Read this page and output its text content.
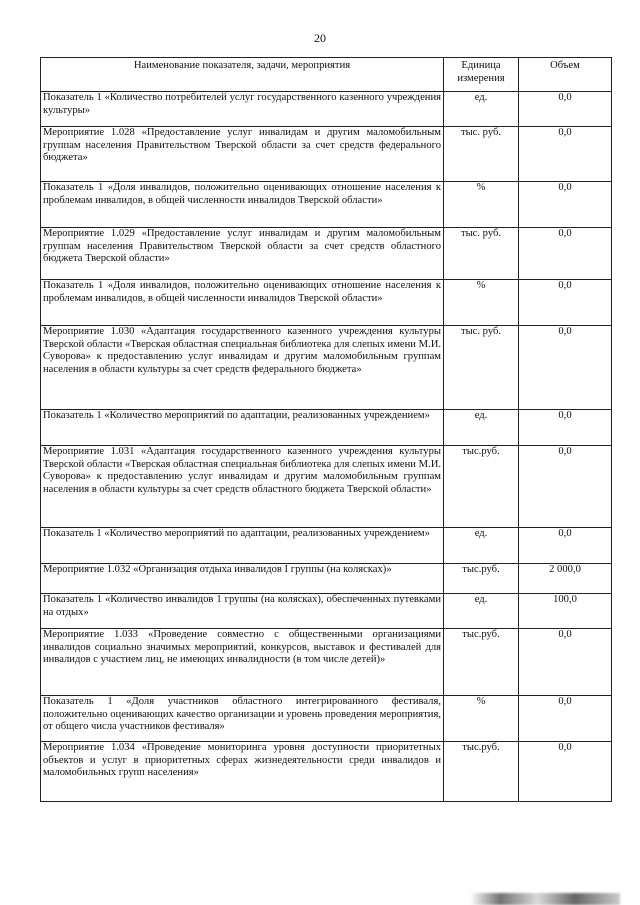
20
Наименование показателя, задачи, мероприятия	Единица измерения	Объем
Показатель 1 «Количество потребителей услуг государственного казенного учреждения культуры»	ед.	0,0
Мероприятие 1.028 «Предоставление услуг инвалидам и другим маломобильным группам населения Правительством Тверской области за счет средств федерального бюджета»	тыс. руб.	0,0
Показатель 1 «Доля инвалидов, положительно оценивающих отношение населения к проблемам инвалидов, в общей численности инвалидов Тверской области»	%	0,0
Мероприятие 1.029 «Предоставление услуг инвалидам и другим маломобильным группам населения Правительством Тверской области за счет средств областного бюджета Тверской области»	тыс. руб.	0,0
Показатель 1 «Доля инвалидов, положительно оценивающих отношение населения к проблемам инвалидов, в общей численности инвалидов Тверской области»	%	0,0
Мероприятие 1.030 «Адаптация государственного казенного учреждения культуры Тверской области «Тверская областная специальная библиотека для слепых имени М.И. Суворова» к предоставлению услуг инвалидам и другим маломобильным группам населения в области культуры за счет средств федерального бюджета»	тыс. руб.	0,0
Показатель 1 «Количество мероприятий по адаптации, реализованных учреждением»	ед.	0,0
Мероприятие 1.031 «Адаптация государственного казенного учреждения культуры Тверской области «Тверская областная специальная библиотека для слепых имени М.И. Суворова» к предоставлению услуг инвалидам и другим маломобильным группам населения в области культуры за счет средств областного бюджета Тверской области»	тыс.руб.	0,0
Показатель 1 «Количество мероприятий по адаптации, реализованных учреждением»	ед.	0,0
Мероприятие 1.032 «Организация отдыха инвалидов I группы (на колясках)»	тыс.руб.	2 000,0
Показатель 1 «Количество инвалидов 1 группы (на колясках), обеспеченных путевками на отдых»	ед.	100,0
Мероприятие 1.033 «Проведение совместно с общественными организациями инвалидов социально значимых мероприятий, конкурсов, выставок и фестивалей для инвалидов с участием лиц, не имеющих инвалидности (в том числе детей)»	тыс.руб.	0,0
Показатель 1 «Доля участников областного интегрированного фестиваля, положительно оценивающих качество организации и уровень проведения мероприятия, от общего числа участников фестиваля»	%	0,0
Мероприятие 1.034 «Проведение мониторинга уровня доступности приоритетных объектов и услуг в приоритетных сферах жизнедеятельности среди инвалидов и маломобильных групп населения»	тыс.руб.	0,0
